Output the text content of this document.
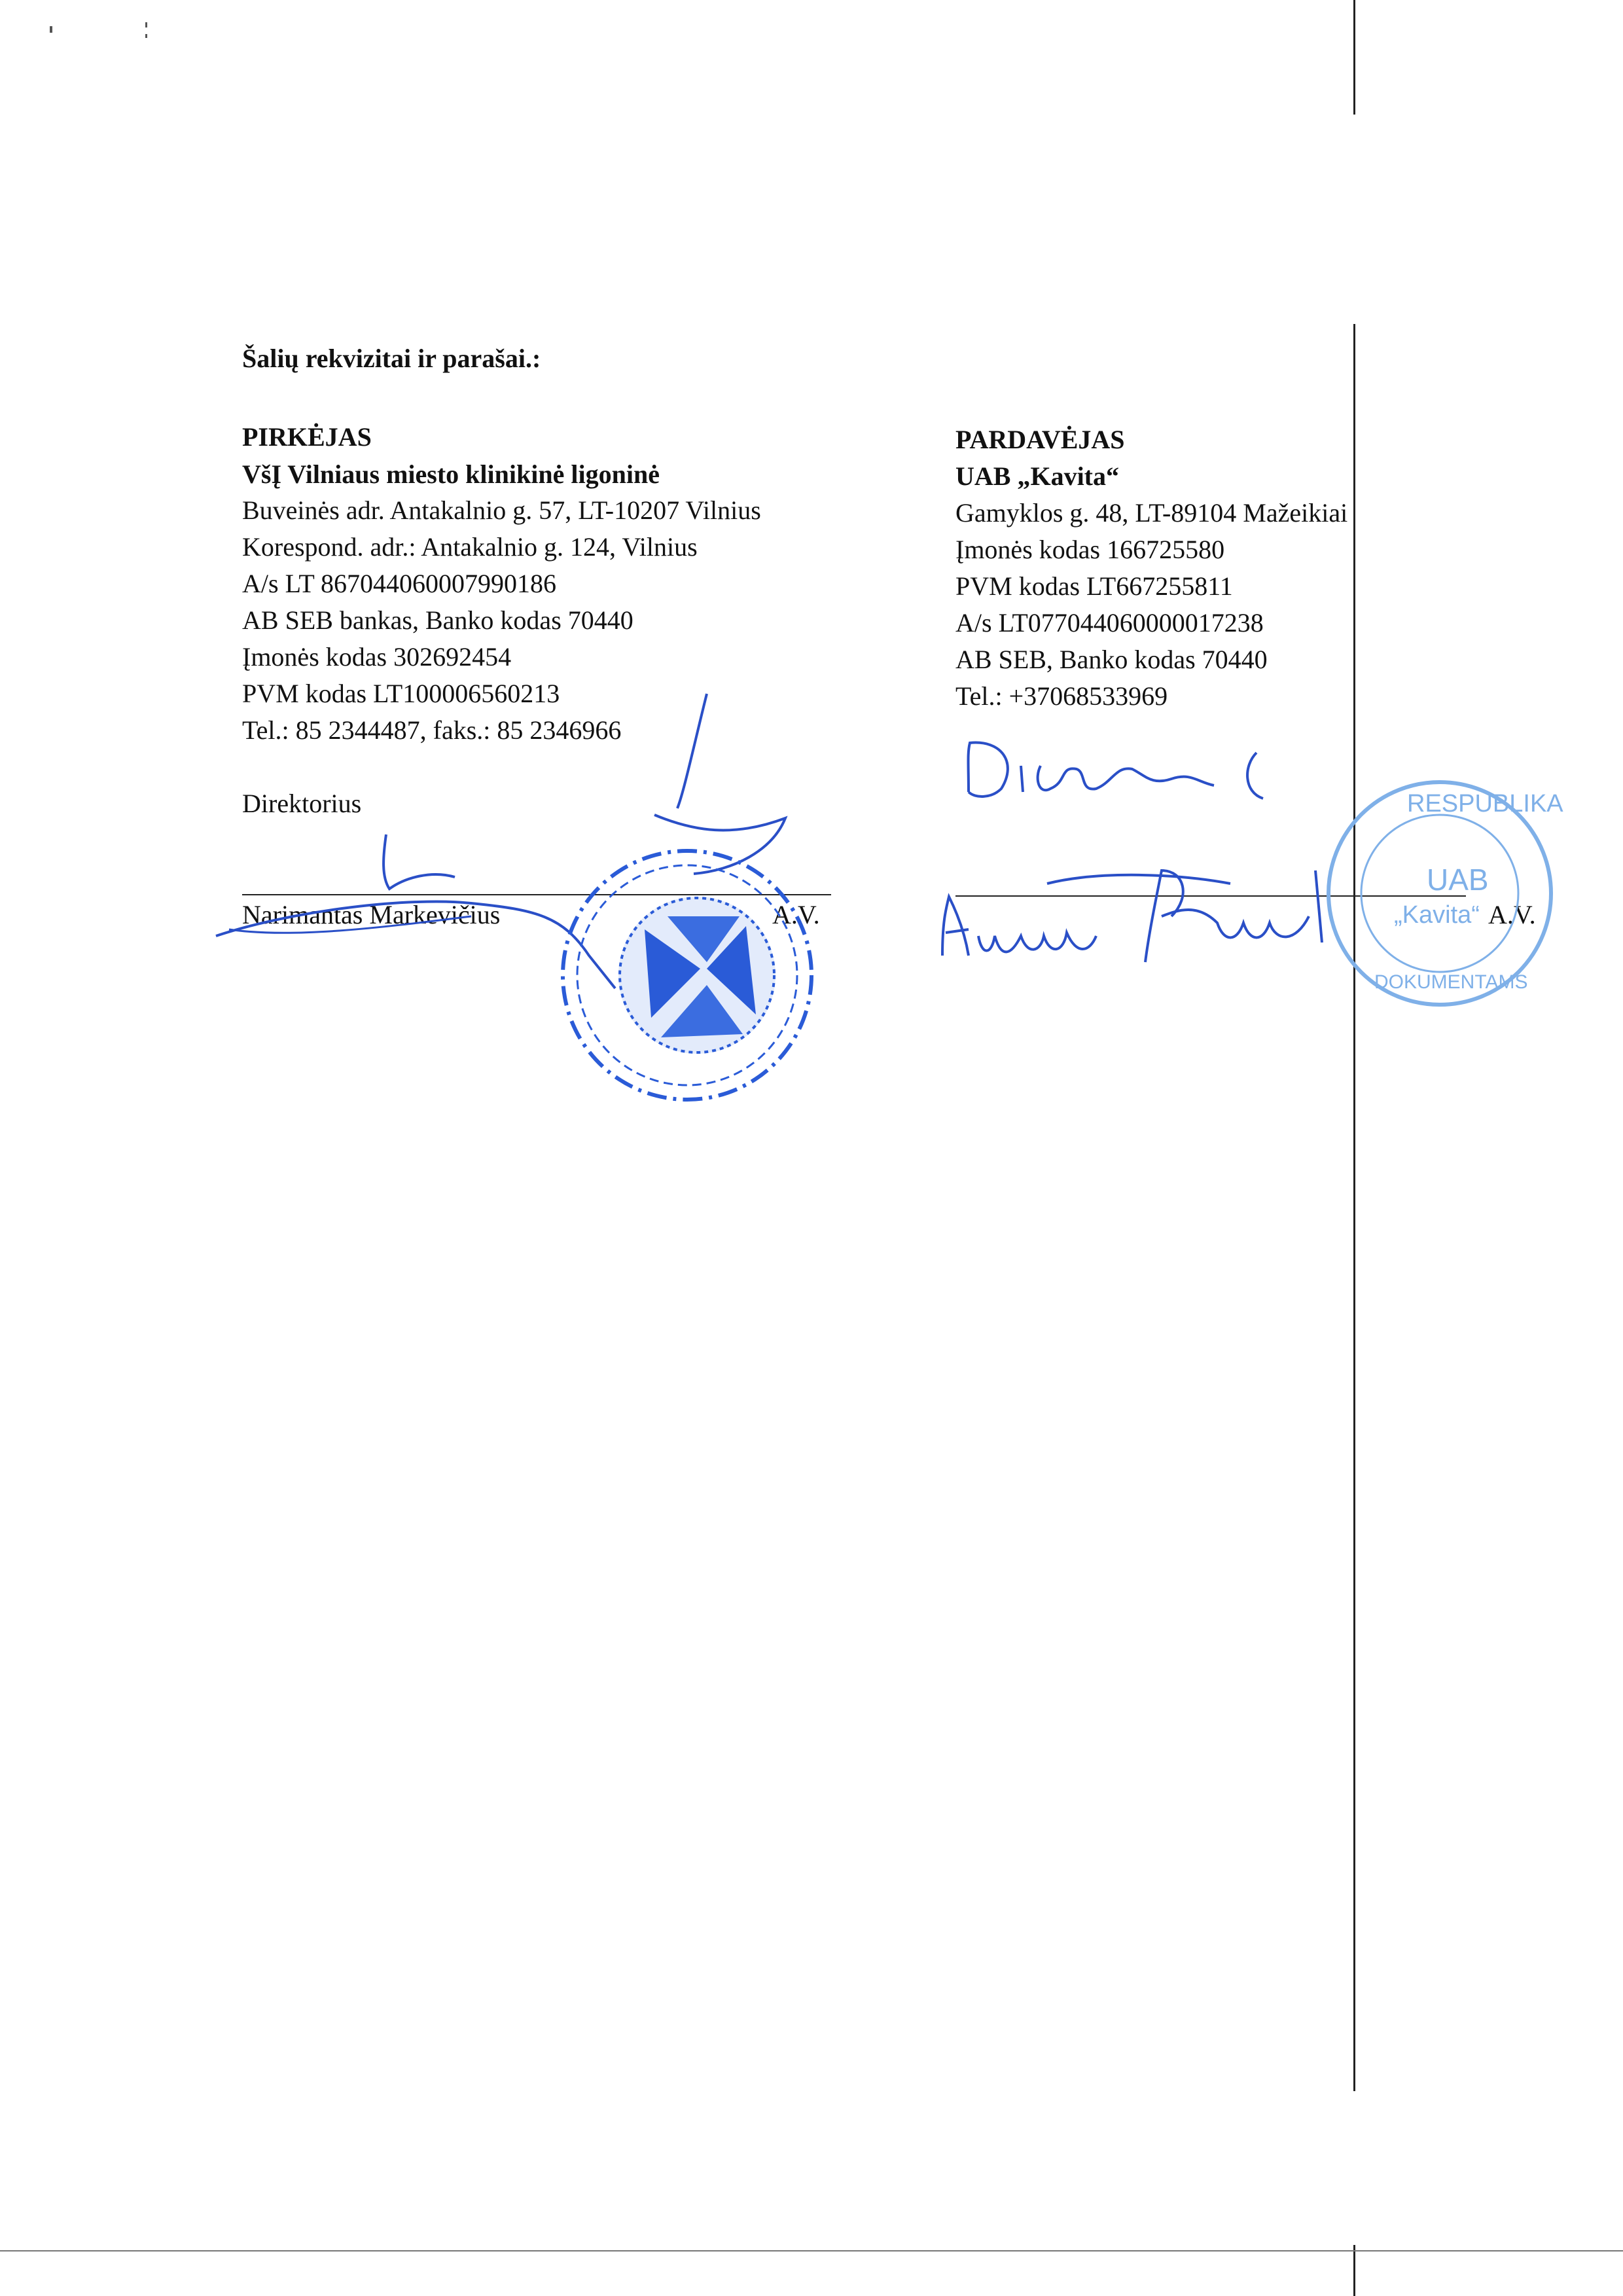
Šalių rekvizitai ir parašai.:
PIRKĖJAS
VšĮ Vilniaus miesto klinikinė ligoninė
Buveinės adr. Antakalnio g. 57, LT-10207 Vilnius
Korespond. adr.: Antakalnio g. 124, Vilnius
A/s LT 867044060007990186
AB SEB bankas, Banko kodas 70440
Įmonės kodas 302692454
PVM kodas LT100006560213
Tel.: 85 2344487, faks.: 85 2346966
Direktorius
Narimantas Markevičius	A.V.
PARDAVĖJAS
UAB „Kavita“
Gamyklos g. 48, LT-89104 Mažeikiai
Įmonės kodas 166725580
PVM kodas LT667255811
A/s LT077044060000017238
AB SEB, Banko kodas 70440
Tel.: +37068533969
A.V.
RESPUBLIKA
UAB
„Kavita“
DOKUMENTAMS
